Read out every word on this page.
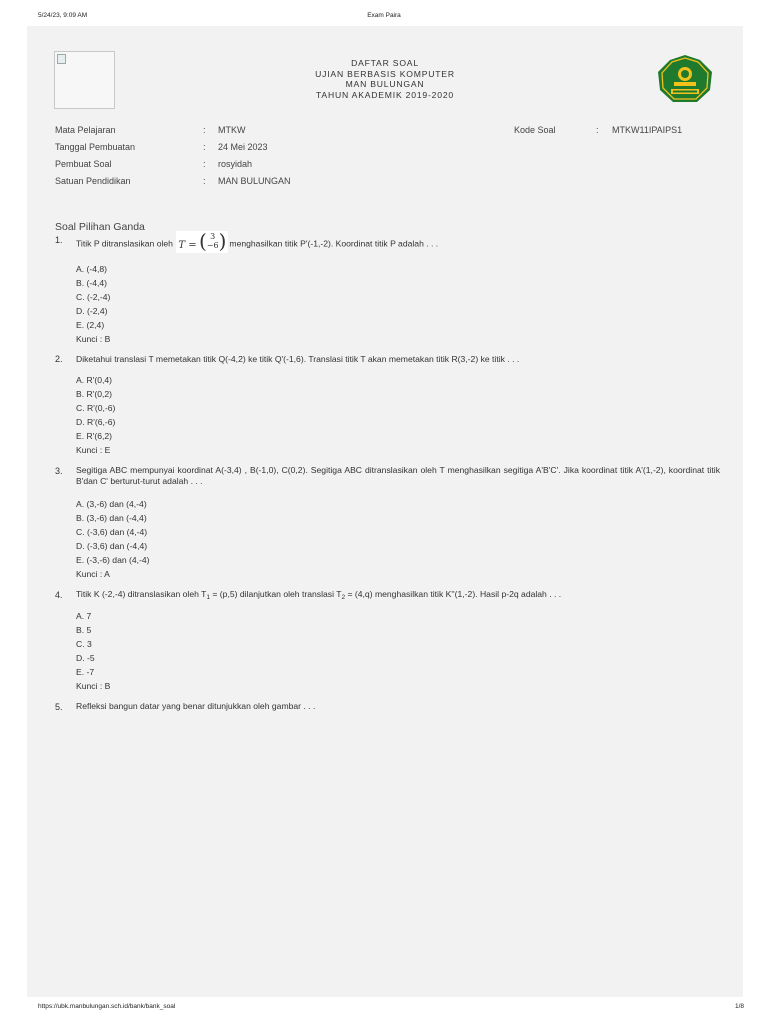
5/24/23, 9:09 AM	Exam Paira
DAFTAR SOAL
UJIAN BERBASIS KOMPUTER
MAN BULUNGAN
TAHUN AKADEMIK 2019-2020
Mata Pelajaran	: MTKW
Tanggal Pembuatan	: 24 Mei 2023
Pembuat Soal	: rosyidah
Satuan Pendidikan	: MAN BULUNGAN
Kode Soal	: MTKW11IPAIPS1
Soal Pilihan Ganda
1. Titik P ditranslasikan oleh T = ( 3
−6 ) menghasilkan titik P'(-1,-2). Koordinat titik P adalah . . .
A. (-4,8)
B. (-4,4)
C. (-2,-4)
D. (-2,4)
E. (2,4)
Kunci : B
2. Diketahui translasi T memetakan titik Q(-4,2) ke titik Q'(-1,6). Translasi titik T akan memetakan titik R(3,-2) ke titik . . .
A. R'(0,4)
B. R'(0,2)
C. R'(0,-6)
D. R'(6,-6)
E. R'(6,2)
Kunci : E
3. Segitiga ABC mempunyai koordinat A(-3,4) , B(-1,0), C(0,2). Segitiga ABC ditranslasikan oleh T menghasilkan segitiga A'B'C'. Jika koordinat titik A'(1,-2), koordinat titik B'dan C' berturut-turut adalah . . .
A. (3,-6) dan (4,-4)
B. (3,-6) dan (-4,4)
C. (-3,6) dan (4,-4)
D. (-3,6) dan (-4,4)
E. (-3,-6) dan (4,-4)
Kunci : A
4. Titik K (-2,-4) ditranslasikan oleh $T_1 = (p,5)$ dilanjutkan oleh translasi $T_2 = (4,q)$ menghasilkan titik K''(1,-2). Hasil p-2q adalah . . .
A. 7
B. 5
C. 3
D. -5
E. -7
Kunci : B
5. Refleksi bangun datar yang benar ditunjukkan oleh gambar . . .
https://ubk.manbulungan.sch.id/bank/bank_soal	1/8
